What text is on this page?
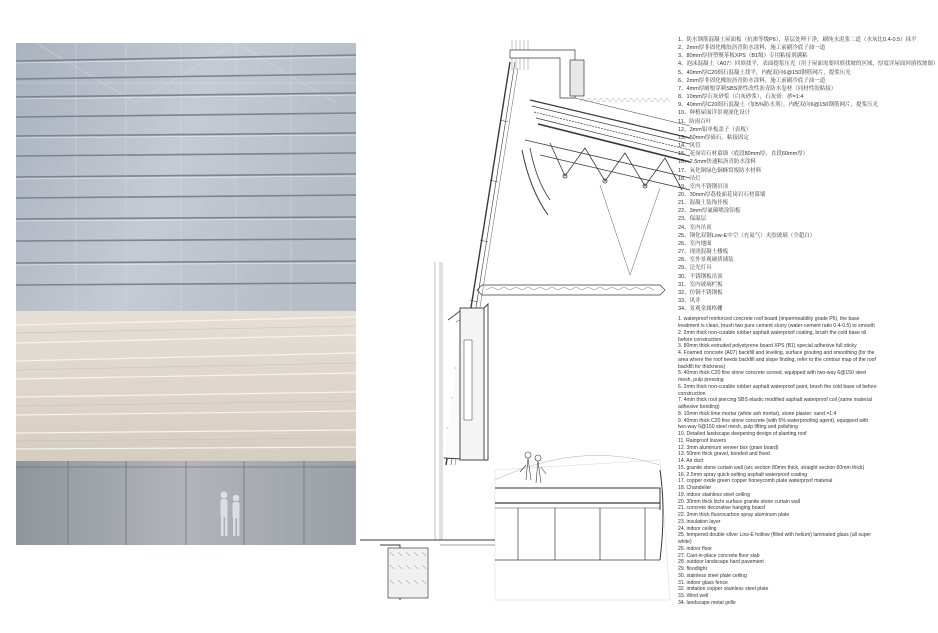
1、防水钢筋混凝土屋面板（抗渗等级P6），基层处理干净，刷纯水泥浆二道（水灰比0.4-0.5）抹平
2、2mm厚非固化橡胶沥青防水涂料，施工前刷冷底子油一道
3、80mm厚挤塑聚苯板XPS（B1级）专用粘接剂满粘
4、泡沫混凝土（A07）回填找平，表面提浆压光（用于屋面需要回填找坡的区域，厚度详屋面回填找坡图）
5、40mm厚C20细石混凝土找平，内配双向6@150钢筋网片，提浆压光
6、2mm厚非固化橡胶沥青防水涂料，施工前刷冷底子油一道
7、4mm厚耐根穿刺SBS弹性改性沥青防水卷材（同材性胶粘接）
8、10mm厚石灰砂浆（白灰砂浆），石灰膏：砂=1:4
9、40mm厚C20细石混凝土（加5%防水剂），内配双向6@150钢筋网片，提浆压光
10、种植屋面详景观深化设计
11、防雨百叶
12、3mm铝单板盖子（表板）
13、50mm厚砾石，粘接固定
14、风管
15、花岗岩石材幕墙（底段80mm厚，直段60mm厚）
16、2.5mm快速粘沥青防水涂料
17、氧化铜绿色铜蜂窝板防水材料
18、吊灯
19、室内不锈钢吊顶
20、30mm厚荔枝面花岗岩石材幕墙
21、混凝土装饰挂板
22、3mm厚氟碳喷涂铝板
23、保温层
24、室内吊顶
25、钢化双钢Low-E中空（充氦气）夹胶玻璃（全超白）
26、室内地面
27、现浇混凝土楼板
28、室外景观硬质铺装
29、泛光灯具
30、不锈钢板吊顶
31、室内玻璃栏板
32、仿铜不锈钢板
33、风井
34、景观金属格栅
1. waterproof reinforced concrete roof board (impermeability grade P6), the base treatment is clean, brush two pure cement slurry (water-cement ratio 0.4-0.5) to smooth
2. 2mm thick non-curable rubber asphalt waterproof coating, brush the cold base oil before construction
3. 80mm thick extruded polystyrene board XPS (B1) special adhesive full sticky
4. Foamed concrete (A07) backfill and leveling, surface grouting and smoothing (for the area where the roof needs backfill and slope finding, refer to the contour map of the roof backfill for thickness)
5. 40mm thick C20 fine stone concrete screed, equipped with two-way 6@150 steel mesh, pulp pressing
6. 2mm thick non-curable rubber asphalt waterproof paint, brush the cold base oil before construction
7. 4mm thick root piercing SBS elastic modified asphalt waterproof coil (same material adhesive bonding)
8. 10mm thick lime mortar (white ash mortar), stone plaster: sand =1:4
9. 40mm thick C20 fine stone concrete (with 5% waterproofing agent), equipped with two-way 6@150 steel mesh, pulp lifting and polishing
10. Detailed landscape deepening design of planting roof
11. Rainproof louvers
12. 3mm aluminum veneer box (grain board)
13. 50mm thick gravel, bonded and fixed
14. Air duct
15. granite stone curtain wall (arc section 80mm thick, straight section 60mm thick)
16. 2.5mm spray quick-setting asphalt waterproof coating
17. copper oxide green copper honeycomb plate waterproof material
18. Chandelier
19. indoor stainless steel ceiling
20. 30mm thick litchi surface granite stone curtain wall
21. concrete decorative hanging board
22. 3mm thick fluorocarbon spray aluminum plate
23. insulation layer
24. indoor ceiling
25. tempered double silver Low-E hollow (filled with helium) laminated glass (all super white)
26. indoor floor
27. Cast-in-place concrete floor slab
28. outdoor landscape hard pavement
29. floodlight
30. stainless steel plate ceiling
31. indoor glass fence
32. imitation copper stainless steel plate
33. Wind well
34. landscape metal grille
